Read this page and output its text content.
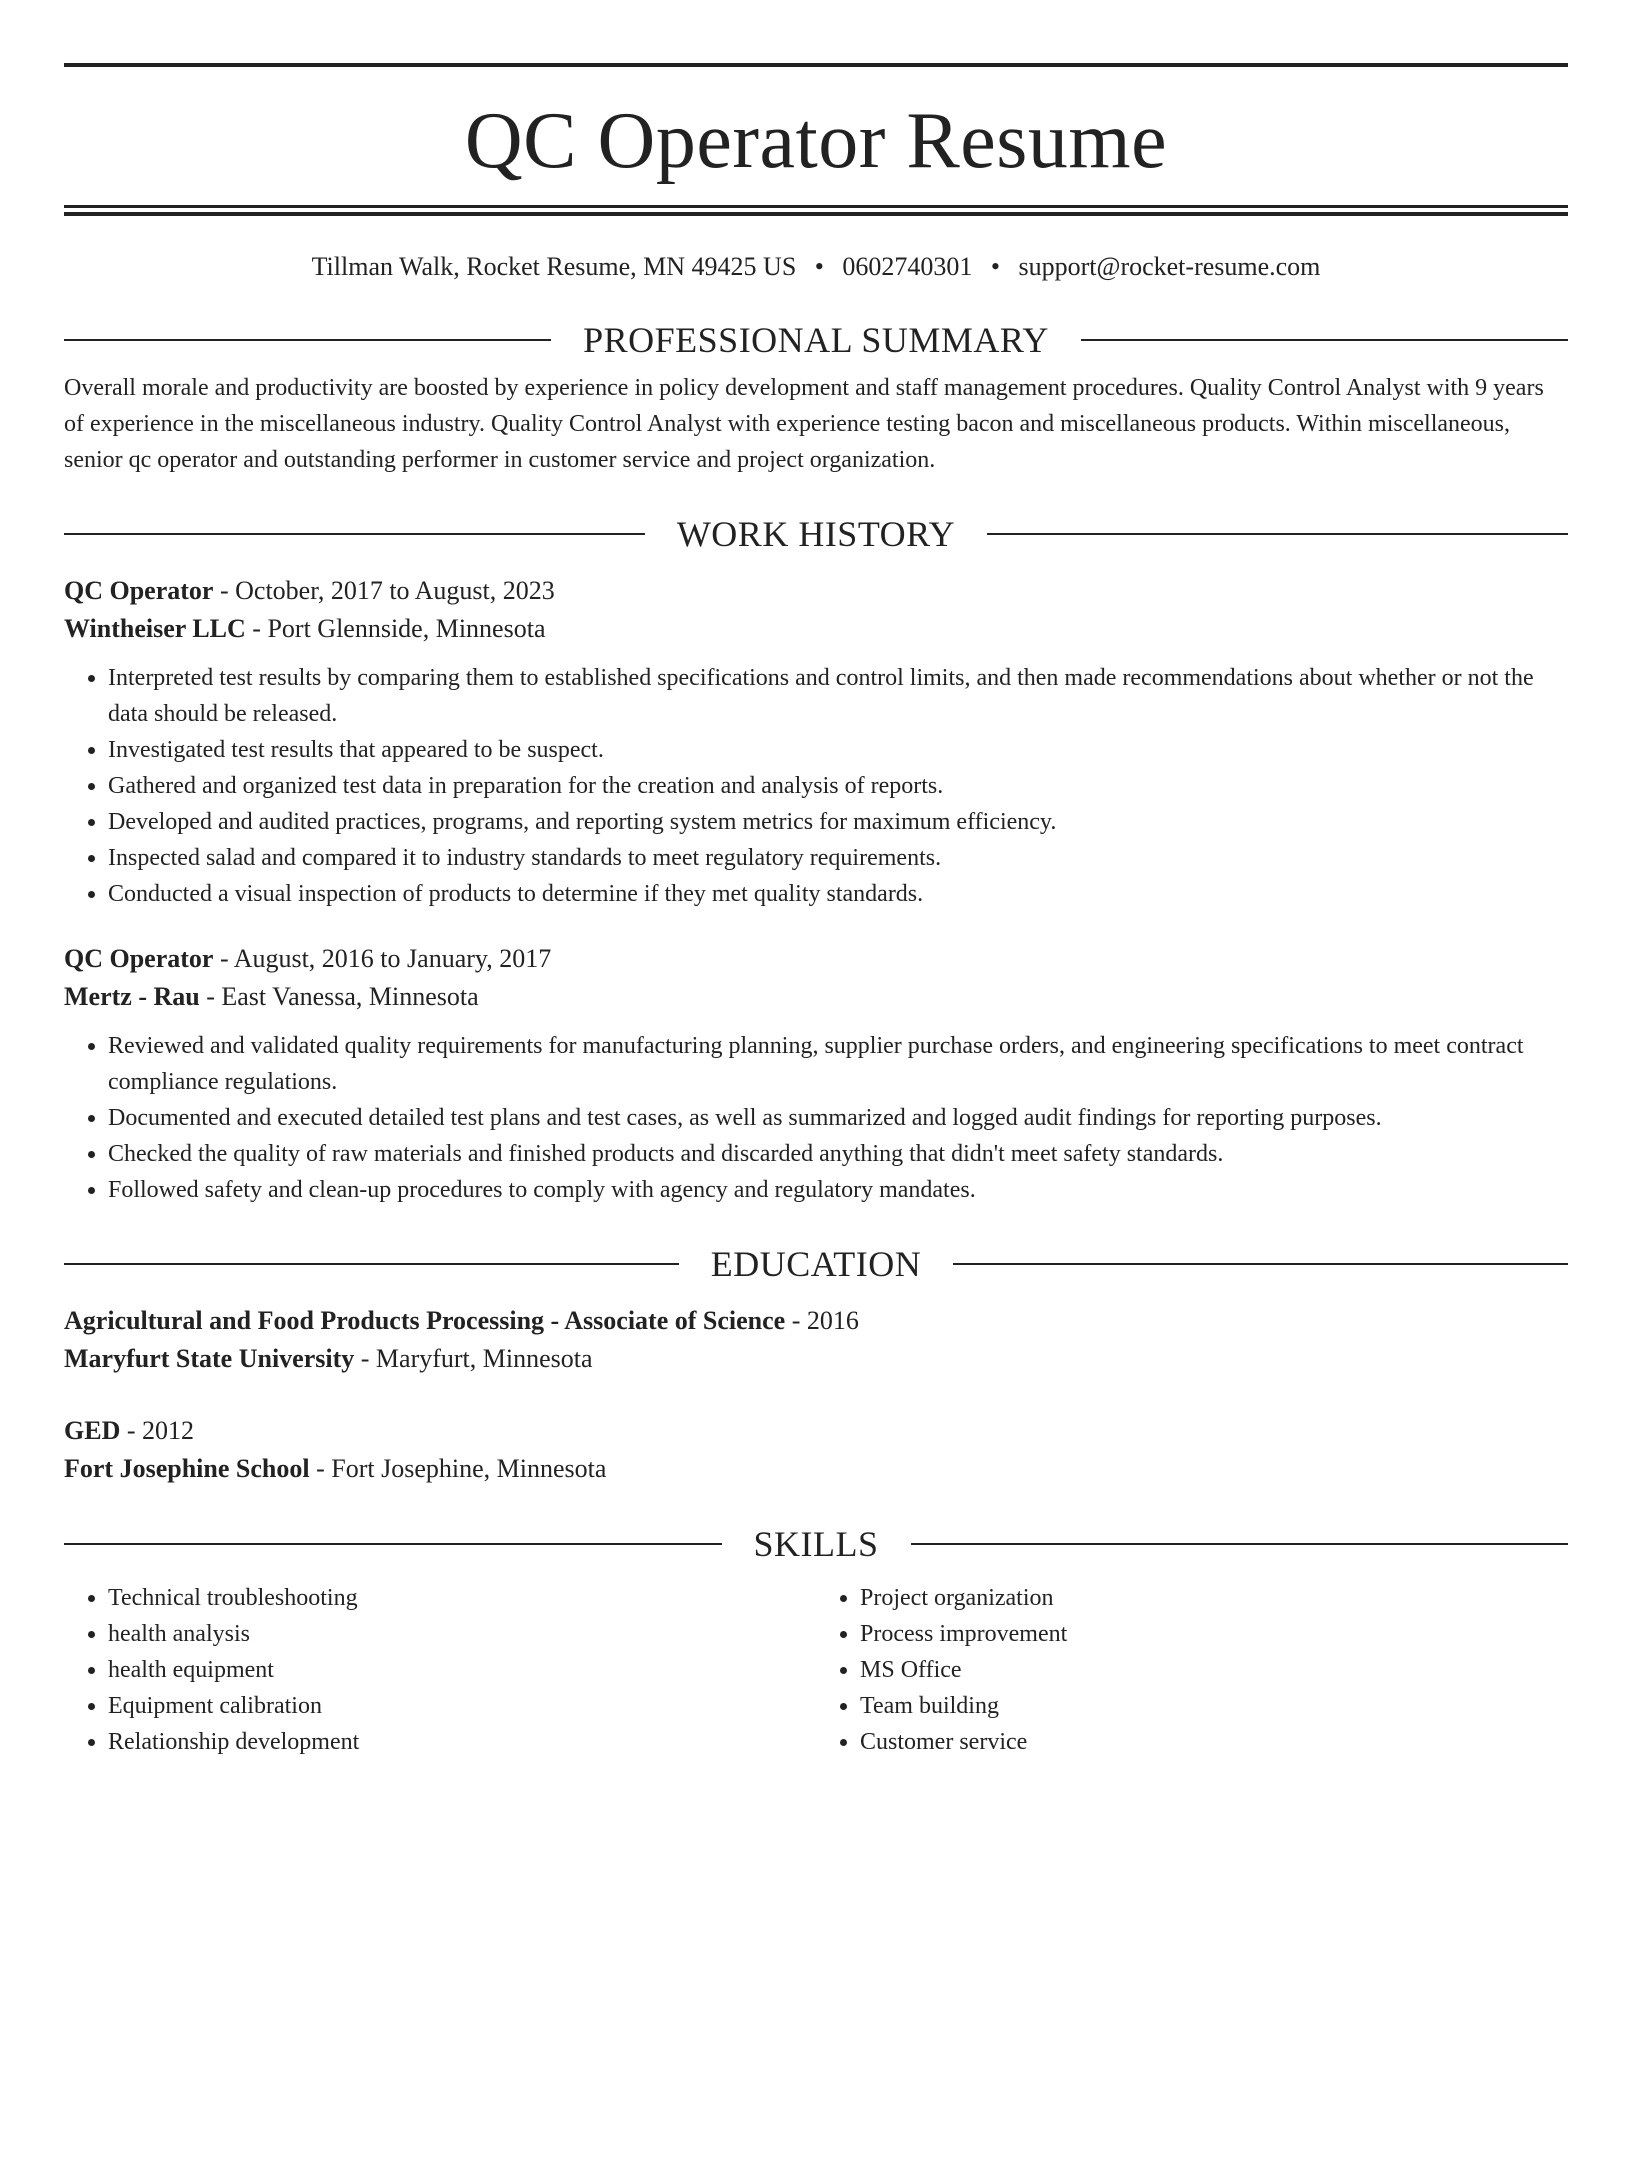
QC Operator Resume
Tillman Walk, Rocket Resume, MN 49425 US • 0602740301 • support@rocket-resume.com
PROFESSIONAL SUMMARY
Overall morale and productivity are boosted by experience in policy development and staff management procedures. Quality Control Analyst with 9 years of experience in the miscellaneous industry. Quality Control Analyst with experience testing bacon and miscellaneous products. Within miscellaneous, senior qc operator and outstanding performer in customer service and project organization.
WORK HISTORY
QC Operator - October, 2017 to August, 2023
Wintheiser LLC - Port Glennside, Minnesota
• Interpreted test results by comparing them to established specifications and control limits, and then made recommendations about whether or not the data should be released.
• Investigated test results that appeared to be suspect.
• Gathered and organized test data in preparation for the creation and analysis of reports.
• Developed and audited practices, programs, and reporting system metrics for maximum efficiency.
• Inspected salad and compared it to industry standards to meet regulatory requirements.
• Conducted a visual inspection of products to determine if they met quality standards.
QC Operator - August, 2016 to January, 2017
Mertz - Rau - East Vanessa, Minnesota
• Reviewed and validated quality requirements for manufacturing planning, supplier purchase orders, and engineering specifications to meet contract compliance regulations.
• Documented and executed detailed test plans and test cases, as well as summarized and logged audit findings for reporting purposes.
• Checked the quality of raw materials and finished products and discarded anything that didn't meet safety standards.
• Followed safety and clean-up procedures to comply with agency and regulatory mandates.
EDUCATION
Agricultural and Food Products Processing - Associate of Science - 2016
Maryfurt State University - Maryfurt, Minnesota
GED - 2012
Fort Josephine School - Fort Josephine, Minnesota
SKILLS
• Technical troubleshooting
• health analysis
• health equipment
• Equipment calibration
• Relationship development
• Project organization
• Process improvement
• MS Office
• Team building
• Customer service
